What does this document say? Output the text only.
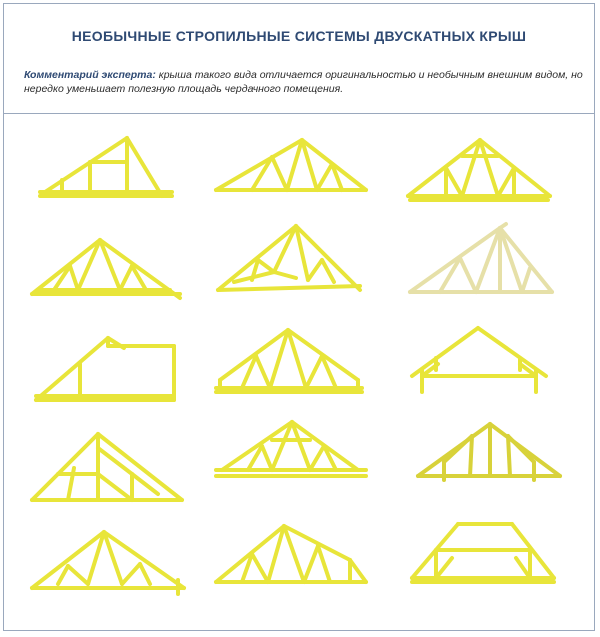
НЕОБЫЧНЫЕ СТРОПИЛЬНЫЕ СИСТЕМЫ ДВУСКАТНЫХ КРЫШ
Комментарий эксперта: крыша такого вида отличается оригинальностью и необычным внешним видом, но нередко уменьшает полезную площадь чердачного помещения.
